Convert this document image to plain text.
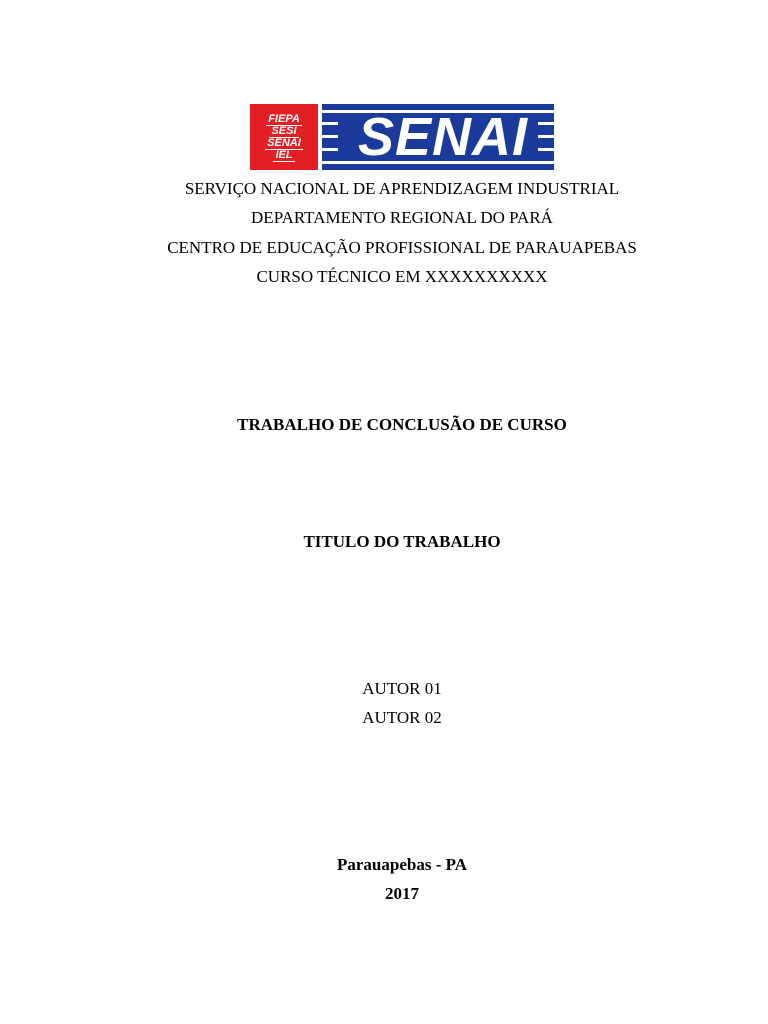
FIEPA
SESI
SENAI
IEL SENAI
SERVIÇO NACIONAL DE APRENDIZAGEM INDUSTRIAL
DEPARTAMENTO REGIONAL DO PARÁ
CENTRO DE EDUCAÇÃO PROFISSIONAL DE PARAUAPEBAS
CURSO TÉCNICO EM XXXXXXXXXX
TRABALHO DE CONCLUSÃO DE CURSO
TITULO DO TRABALHO
AUTOR 01
AUTOR 02
Parauapebas - PA
2017
